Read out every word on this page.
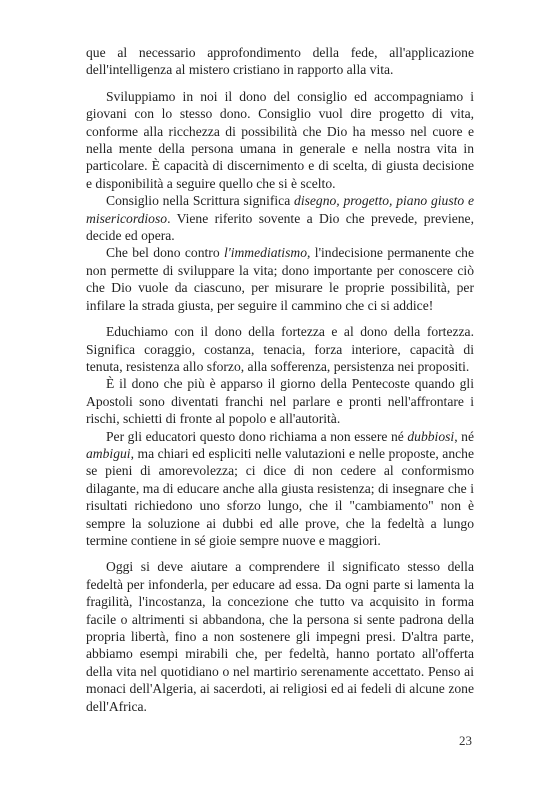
que al necessario approfondimento della fede, all'applicazione dell'intelligenza al mistero cristiano in rapporto alla vita.

Sviluppiamo in noi il dono del consiglio ed accompagniamo i giovani con lo stesso dono. Consiglio vuol dire progetto di vita, conforme alla ricchezza di possibilità che Dio ha messo nel cuore e nella mente della persona umana in generale e nella nostra vita in particolare. È capacità di discernimento e di scelta, di giusta decisione e disponibilità a seguire quello che si è scelto.

Consiglio nella Scrittura significa disegno, progetto, piano giusto e misericordioso. Viene riferito sovente a Dio che prevede, previene, decide ed opera.

Che bel dono contro l'immediatismo, l'indecisione permanente che non permette di sviluppare la vita; dono importante per conoscere ciò che Dio vuole da ciascuno, per misurare le proprie possibilità, per infilare la strada giusta, per seguire il cammino che ci si addice!

Educhiamo con il dono della fortezza e al dono della fortezza. Significa coraggio, costanza, tenacia, forza interiore, capacità di tenuta, resistenza allo sforzo, alla sofferenza, persistenza nei propositi.

È il dono che più è apparso il giorno della Pentecoste quando gli Apostoli sono diventati franchi nel parlare e pronti nell'affrontare i rischi, schietti di fronte al popolo e all'autorità.

Per gli educatori questo dono richiama a non essere né dubbiosi, né ambigui, ma chiari ed espliciti nelle valutazioni e nelle proposte, anche se pieni di amorevolezza; ci dice di non cedere al conformismo dilagante, ma di educare anche alla giusta resistenza; di insegnare che i risultati richiedono uno sforzo lungo, che il "cambiamento" non è sempre la soluzione ai dubbi ed alle prove, che la fedeltà a lungo termine contiene in sé gioie sempre nuove e maggiori.

Oggi si deve aiutare a comprendere il significato stesso della fedeltà per infonderla, per educare ad essa. Da ogni parte si lamenta la fragilità, l'incostanza, la concezione che tutto va acquisito in forma facile o altrimenti si abbandona, che la persona si sente padrona della propria libertà, fino a non sostenere gli impegni presi. D'altra parte, abbiamo esempi mirabili che, per fedeltà, hanno portato all'offerta della vita nel quotidiano o nel martirio serenamente accettato. Penso ai monaci dell'Algeria, ai sacerdoti, ai religiosi ed ai fedeli di alcune zone dell'Africa.

23
